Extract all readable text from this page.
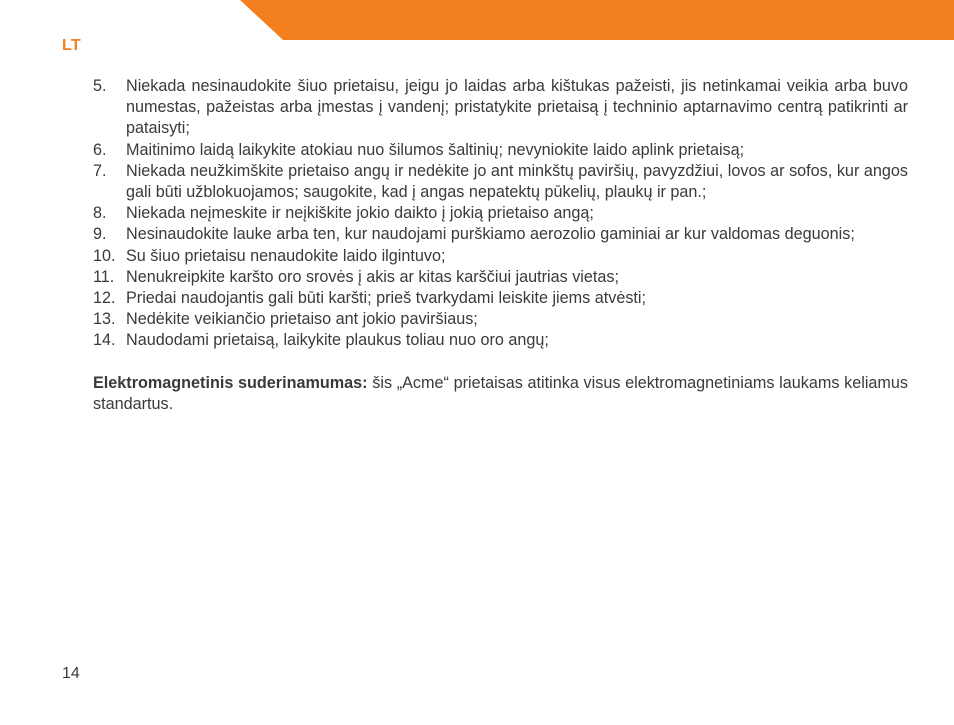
LT
5. Niekada nesinaudokite šiuo prietaisu, jeigu jo laidas arba kištukas pažeisti, jis netinkamai veikia arba buvo numestas, pažeistas arba įmestas į vandenį; pristatykite prietaisą į techninio aptarnavimo centrą patikrinti ar pataisyti;
6. Maitinimo laidą laikykite atokiau nuo šilumos šaltinių; nevyniokite laido aplink prietaisą;
7. Niekada neužkimškite prietaiso angų ir nedėkite jo ant minkštų paviršių, pavyzdžiui, lovos ar sofos, kur angos gali būti užblokuojamos; saugokite, kad į angas nepatektų pūkelių, plaukų ir pan.;
8. Niekada neįmeskite ir neįkiškite jokio daikto į jokią prietaiso angą;
9. Nesinaudokite lauke arba ten, kur naudojami purškiamo aerozolio gaminiai ar kur valdomas deguonis;
10. Su šiuo prietaisu nenaudokite laido ilgintuvo;
11. Nenukreipkite karšto oro srovės į akis ar kitas karščiui jautrias vietas;
12. Priedai naudojantis gali būti karšti; prieš tvarkydami leiskite jiems atvėsti;
13. Nedėkite veikiančio prietaiso ant jokio paviršiaus;
14. Naudodami prietaisą, laikykite plaukus toliau nuo oro angų;

Elektromagnetinis suderinamumas: šis „Acme“ prietaisas atitinka visus elektromagnetiniams laukams keliamus standartus.

14
